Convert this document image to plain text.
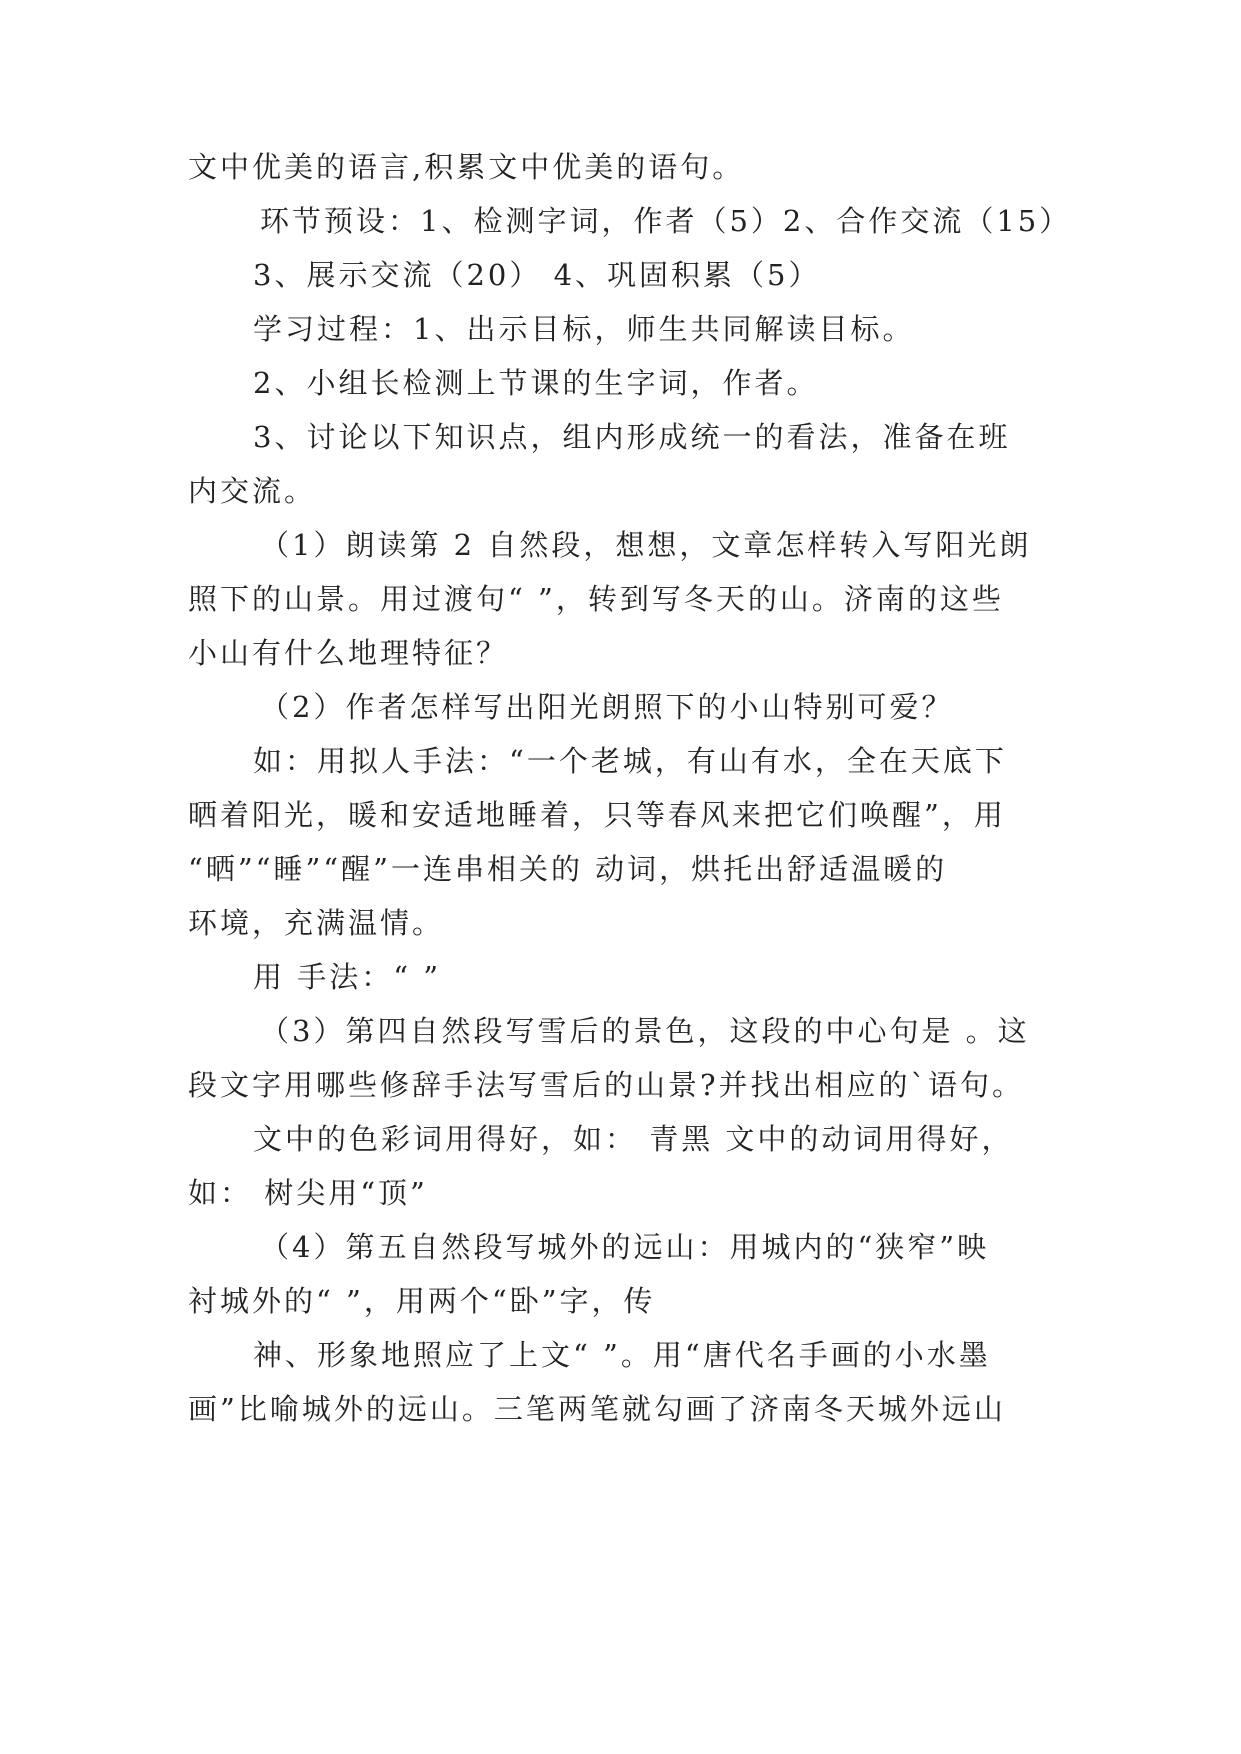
文中优美的语言,积累文中优美的语句。
环节预设：1、检测字词，作者（5）2、合作交流（15）
3、展示交流（20） 4、巩固积累（5）
学习过程：1、出示目标，师生共同解读目标。
2、小组长检测上节课的生字词，作者。
3、讨论以下知识点，组内形成统一的看法，准备在班
内交流。
（1）朗读第 2 自然段，想想，文章怎样转入写阳光朗
照下的山景。用过渡句“ ”，转到写冬天的山。济南的这些
小山有什么地理特征？
（2）作者怎样写出阳光朗照下的小山特别可爱？
如：用拟人手法：“一个老城，有山有水，全在天底下
晒着阳光，暖和安适地睡着，只等春风来把它们唤醒”，用
“晒”“睡”“醒”一连串相关的 动词，烘托出舒适温暖的
环境，充满温情。
用 手法：“ ”
（3）第四自然段写雪后的景色，这段的中心句是 。这
段文字用哪些修辞手法写雪后的山景?并找出相应的`语句。
文中的色彩词用得好，如： 青黑 文中的动词用得好，
如： 树尖用“顶”
（4）第五自然段写城外的远山：用城内的“狭窄”映
衬城外的“ ”，用两个“卧”字，传
神、形象地照应了上文“ ”。用“唐代名手画的小水墨
画”比喻城外的远山。三笔两笔就勾画了济南冬天城外远山
